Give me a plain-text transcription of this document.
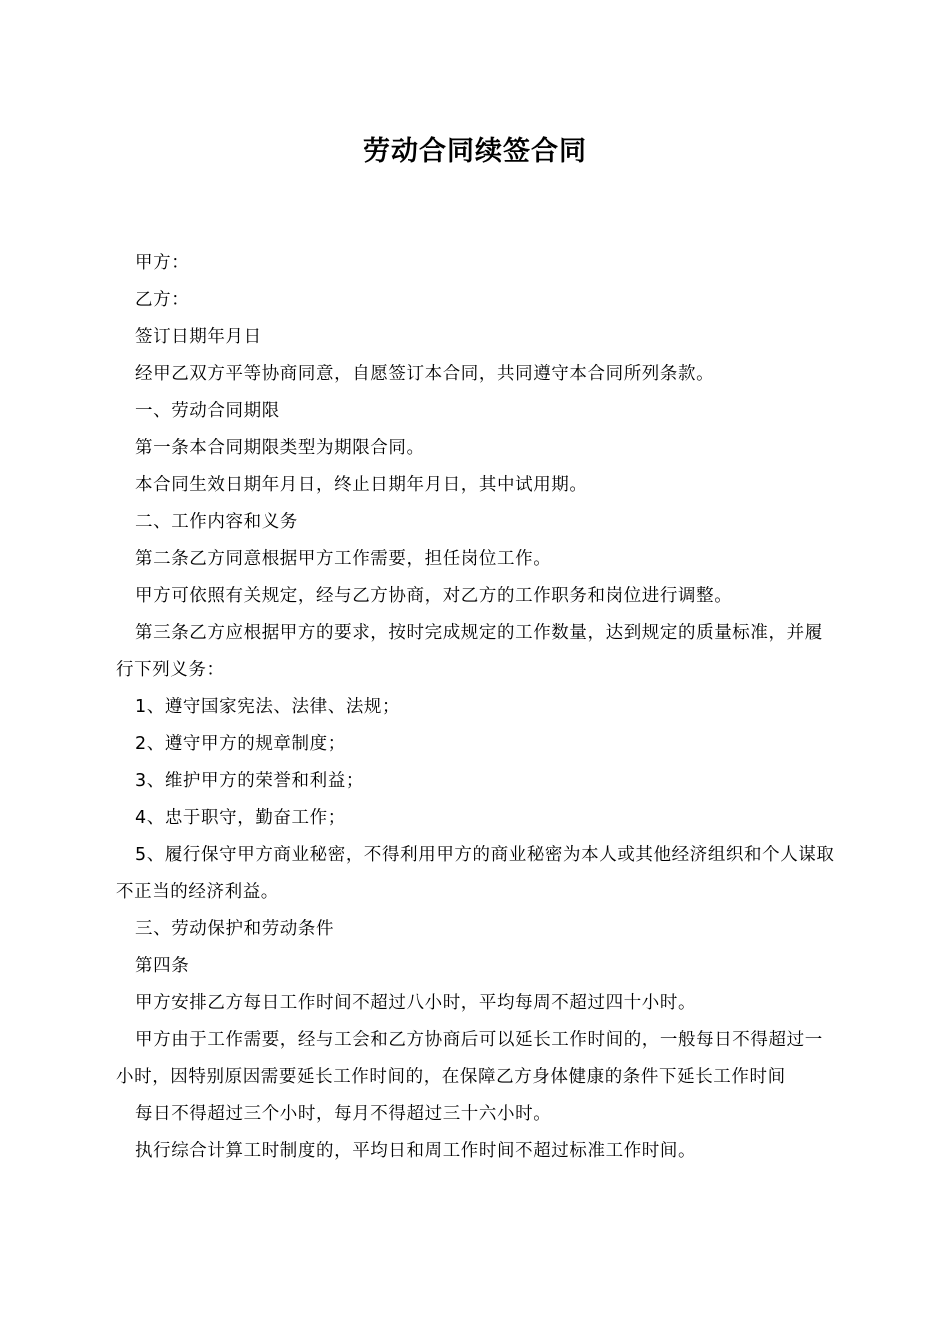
劳动合同续签合同

甲方：

乙方：

签订日期年月日

经甲乙双方平等协商同意，自愿签订本合同，共同遵守本合同所列条款。

一、劳动合同期限

第一条本合同期限类型为期限合同。

本合同生效日期年月日，终止日期年月日，其中试用期。

二、工作内容和义务

第二条乙方同意根据甲方工作需要，担任岗位工作。

甲方可依照有关规定，经与乙方协商，对乙方的工作职务和岗位进行调整。

第三条乙方应根据甲方的要求，按时完成规定的工作数量，达到规定的质量标准，并履行下列义务：

1、遵守国家宪法、法律、法规；

2、遵守甲方的规章制度；

3、维护甲方的荣誉和利益；

4、忠于职守，勤奋工作；

5、履行保守甲方商业秘密，不得利用甲方的商业秘密为本人或其他经济组织和个人谋取不正当的经济利益。

三、劳动保护和劳动条件

第四条

甲方安排乙方每日工作时间不超过八小时，平均每周不超过四十小时。

甲方由于工作需要，经与工会和乙方协商后可以延长工作时间的，一般每日不得超过一小时，因特别原因需要延长工作时间的，在保障乙方身体健康的条件下延长工作时间

每日不得超过三个小时，每月不得超过三十六小时。

执行综合计算工时制度的，平均日和周工作时间不超过标准工作时间。
